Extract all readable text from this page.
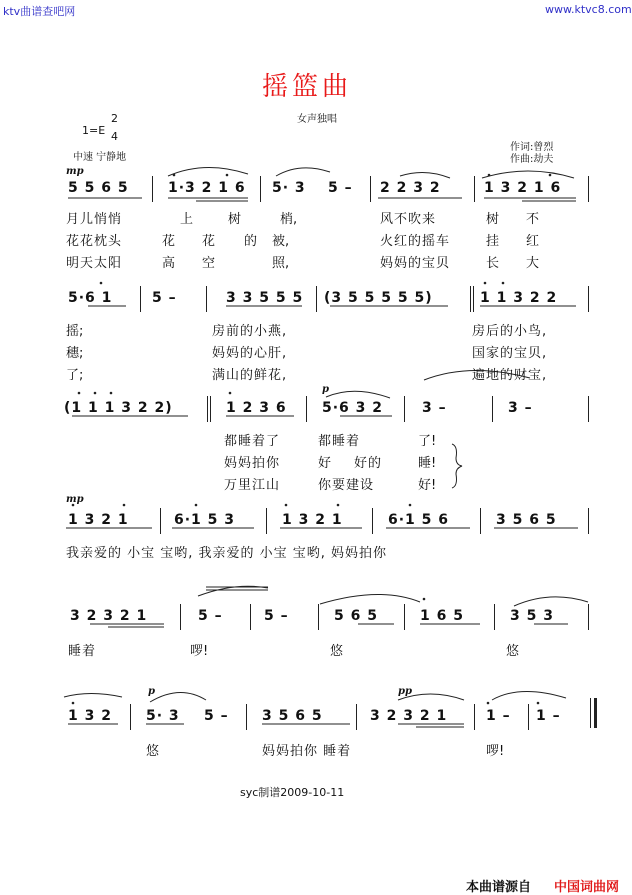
ktv曲谱查吧网	www.ktvc8.com
摇篮曲
女声独唱
1=E
2
4
中速 宁静地
作词:曾烈
作曲:劫夫
mp
5 5 6 5	1·3 2 1 6 5· 3 5 – 2 2 3 2	1 3 2 1 6
月儿悄悄	上	树	梢,	风不吹来	树 不
花花枕头	花 花 的 被,	火红的摇车	挂 红
明天太阳	高 空	照,	妈妈的宝贝	长 大
5·6 1	5 –	3 3 5 5 5 (3 5 5 5 5 5)	1 1 3 2 2
摇;	房前的小燕,	房后的小鸟,
穗;	妈妈的心肝,	国家的宝贝,
了;	满山的鲜花,	遍地的财宝,
p
(1 1 1 3 2 2)	1 2 3 6	5·6 3 2	3 –	3 –
都睡着了	都睡着	了!
妈妈拍你	好 好的	睡!
万里江山	你要建设	好!
mp
1 3 2 1	6·1 5 3	1 3 2 1	6·1 5 6	3 5 6 5
我亲爱的 小宝 宝哟, 我亲爱的 小宝 宝哟, 妈妈拍你
3 2 3 2 1	5 –	5 –	5 6 5	1 6 5	3 5 3
睡着	啰!	悠	悠
p	pp
1 3 2 5· 3 5 – 3 5 6 5	3 2 3 2 1	1 – 1 –
悠	妈妈拍你 睡着	啰!
syc制谱2009-10-11
本曲谱源自 中国词曲网
